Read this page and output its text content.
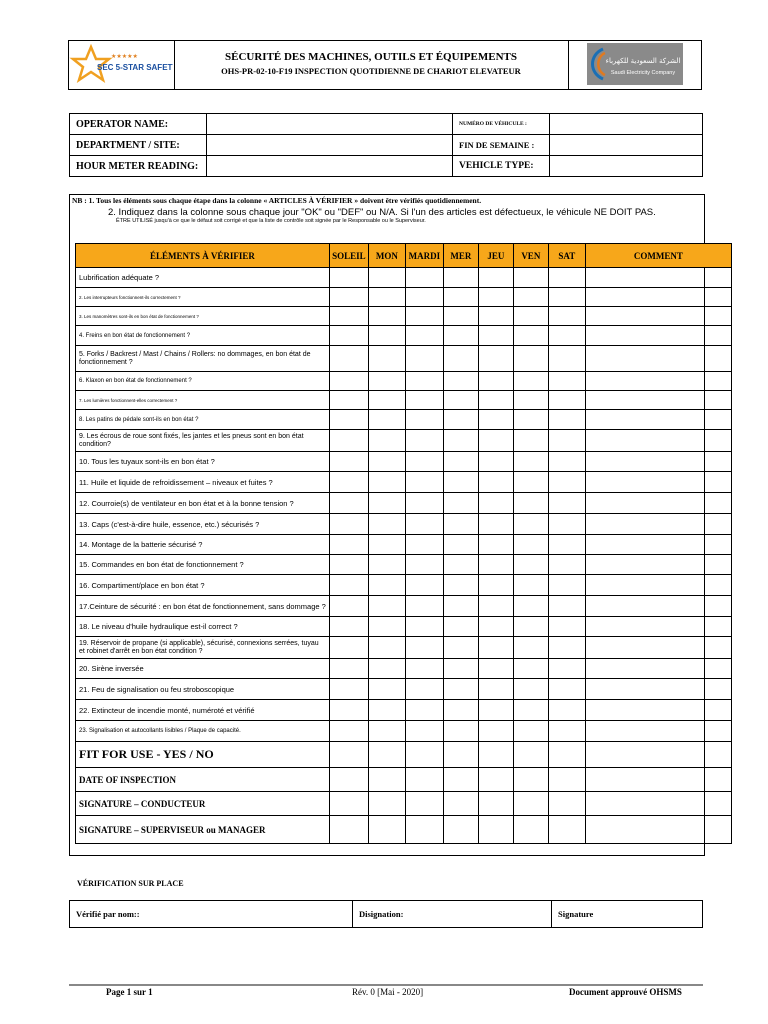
★★★★★
SEC 5-STAR SAFETY
SÉCURITÉ DES MACHINES, OUTILS ET ÉQUIPEMENTS
OHS-PR-02-10-F19 INSPECTION QUOTIDIENNE DE CHARIOT ELEVATEUR
الشركة السعودية للكهرباء
Saudi Electricity Company
OPERATOR NAME:		NUMÉRO DE VÉHICULE :	
DEPARTMENT / SITE:		FIN DE SEMAINE :	
HOUR METER READING:		VEHICLE TYPE:	
NB : 1. Tous les éléments sous chaque étape dans la colonne « ARTICLES À VÉRIFIER » doivent être vérifiés quotidiennement.
2. Indiquez dans la colonne sous chaque jour "OK" ou "DEF" ou N/A. Si l'un des articles est défectueux, le véhicule NE DOIT PAS.
ÊTRE UTILISÉ jusqu'à ce que le défaut soit corrigé et que la liste de contrôle soit signée par le Responsable ou le Superviseur.
ÉLÉMENTS À VÉRIFIER	SOLEIL	MON	MARDI	MER	JEU	VEN	SAT	COMMENT
Lubrification adéquate ?								
2. Les interrupteurs fonctionnent-ils correctement ?								
3. Les manomètres sont-ils en bon état de fonctionnement ?								
4. Freins en bon état de fonctionnement ?								
5. Forks / Backrest / Mast / Chains / Rollers: no dommages, en bon état de fonctionnement ?								
6. Klaxon en bon état de fonctionnement ?								
7. Les lumières fonctionnent-elles correctement ?								
8. Les patins de pédale sont-ils en bon état ?								
9. Les écrous de roue sont fixés, les jantes et les pneus sont en bon état condition?								
10. Tous les tuyaux sont-ils en bon état ?								
11. Huile et liquide de refroidissement – niveaux et fuites ?								
12. Courroie(s) de ventilateur en bon état et à la bonne tension ?								
13. Caps (c'est-à-dire huile, essence, etc.) sécurisés ?								
14. Montage de la batterie sécurisé ?								
15. Commandes en bon état de fonctionnement ?								
16. Compartiment/place en bon état ?								
17.Ceinture de sécurité : en bon état de fonctionnement, sans dommage ?								
18. Le niveau d'huile hydraulique est-il correct ?								
19. Réservoir de propane (si applicable), sécurisé, connexions serrées, tuyau et robinet d'arrêt en bon état condition ?								
20. Sirène inversée								
21. Feu de signalisation ou feu stroboscopique								
22. Extincteur de incendie monté, numéroté et vérifié								
23. Signalisation et autocollants lisibles / Plaque de capacité.								
FIT FOR USE - YES / NO								
DATE OF INSPECTION								
SIGNATURE – CONDUCTEUR								
SIGNATURE – SUPERVISEUR ou MANAGER								
VÉRIFICATION SUR PLACE
Vérifié par nom::	Disignation:	Signature
Page 1 sur 1	Rév. 0 [Mai - 2020]	Document approuvé OHSMS
